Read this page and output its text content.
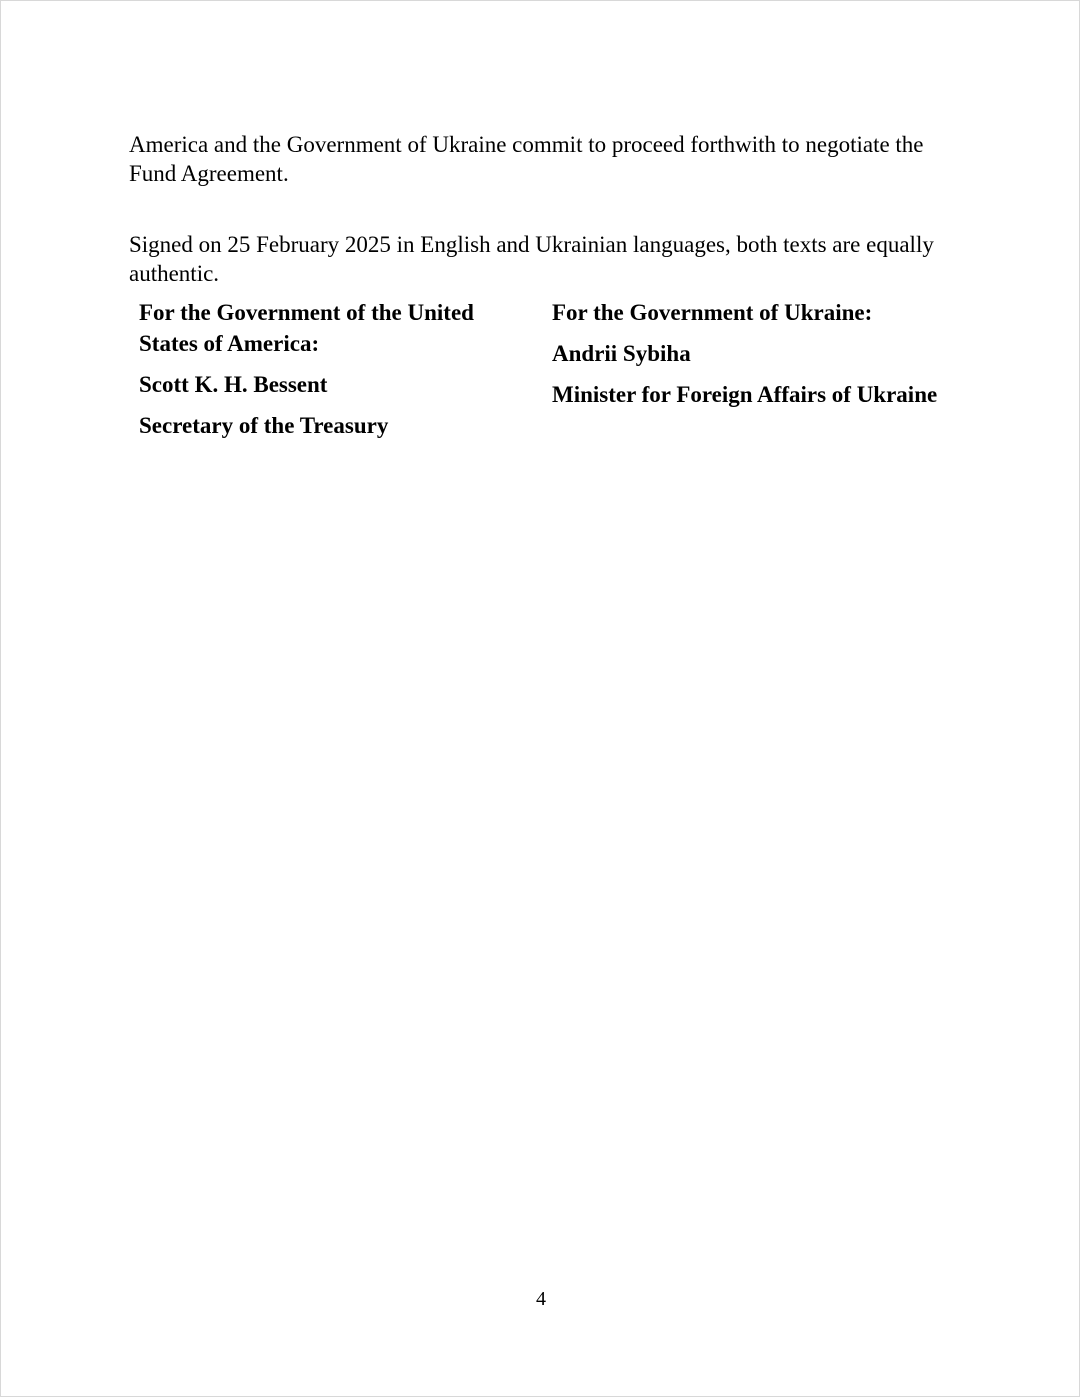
America and the Government of Ukraine commit to proceed forthwith to negotiate the Fund Agreement.

Signed on 25 February 2025 in English and Ukrainian languages, both texts are equally authentic.

For the Government of the United States of America:

Scott K. H. Bessent

Secretary of the Treasury

For the Government of Ukraine:

Andrii Sybiha

Minister for Foreign Affairs of Ukraine

4
